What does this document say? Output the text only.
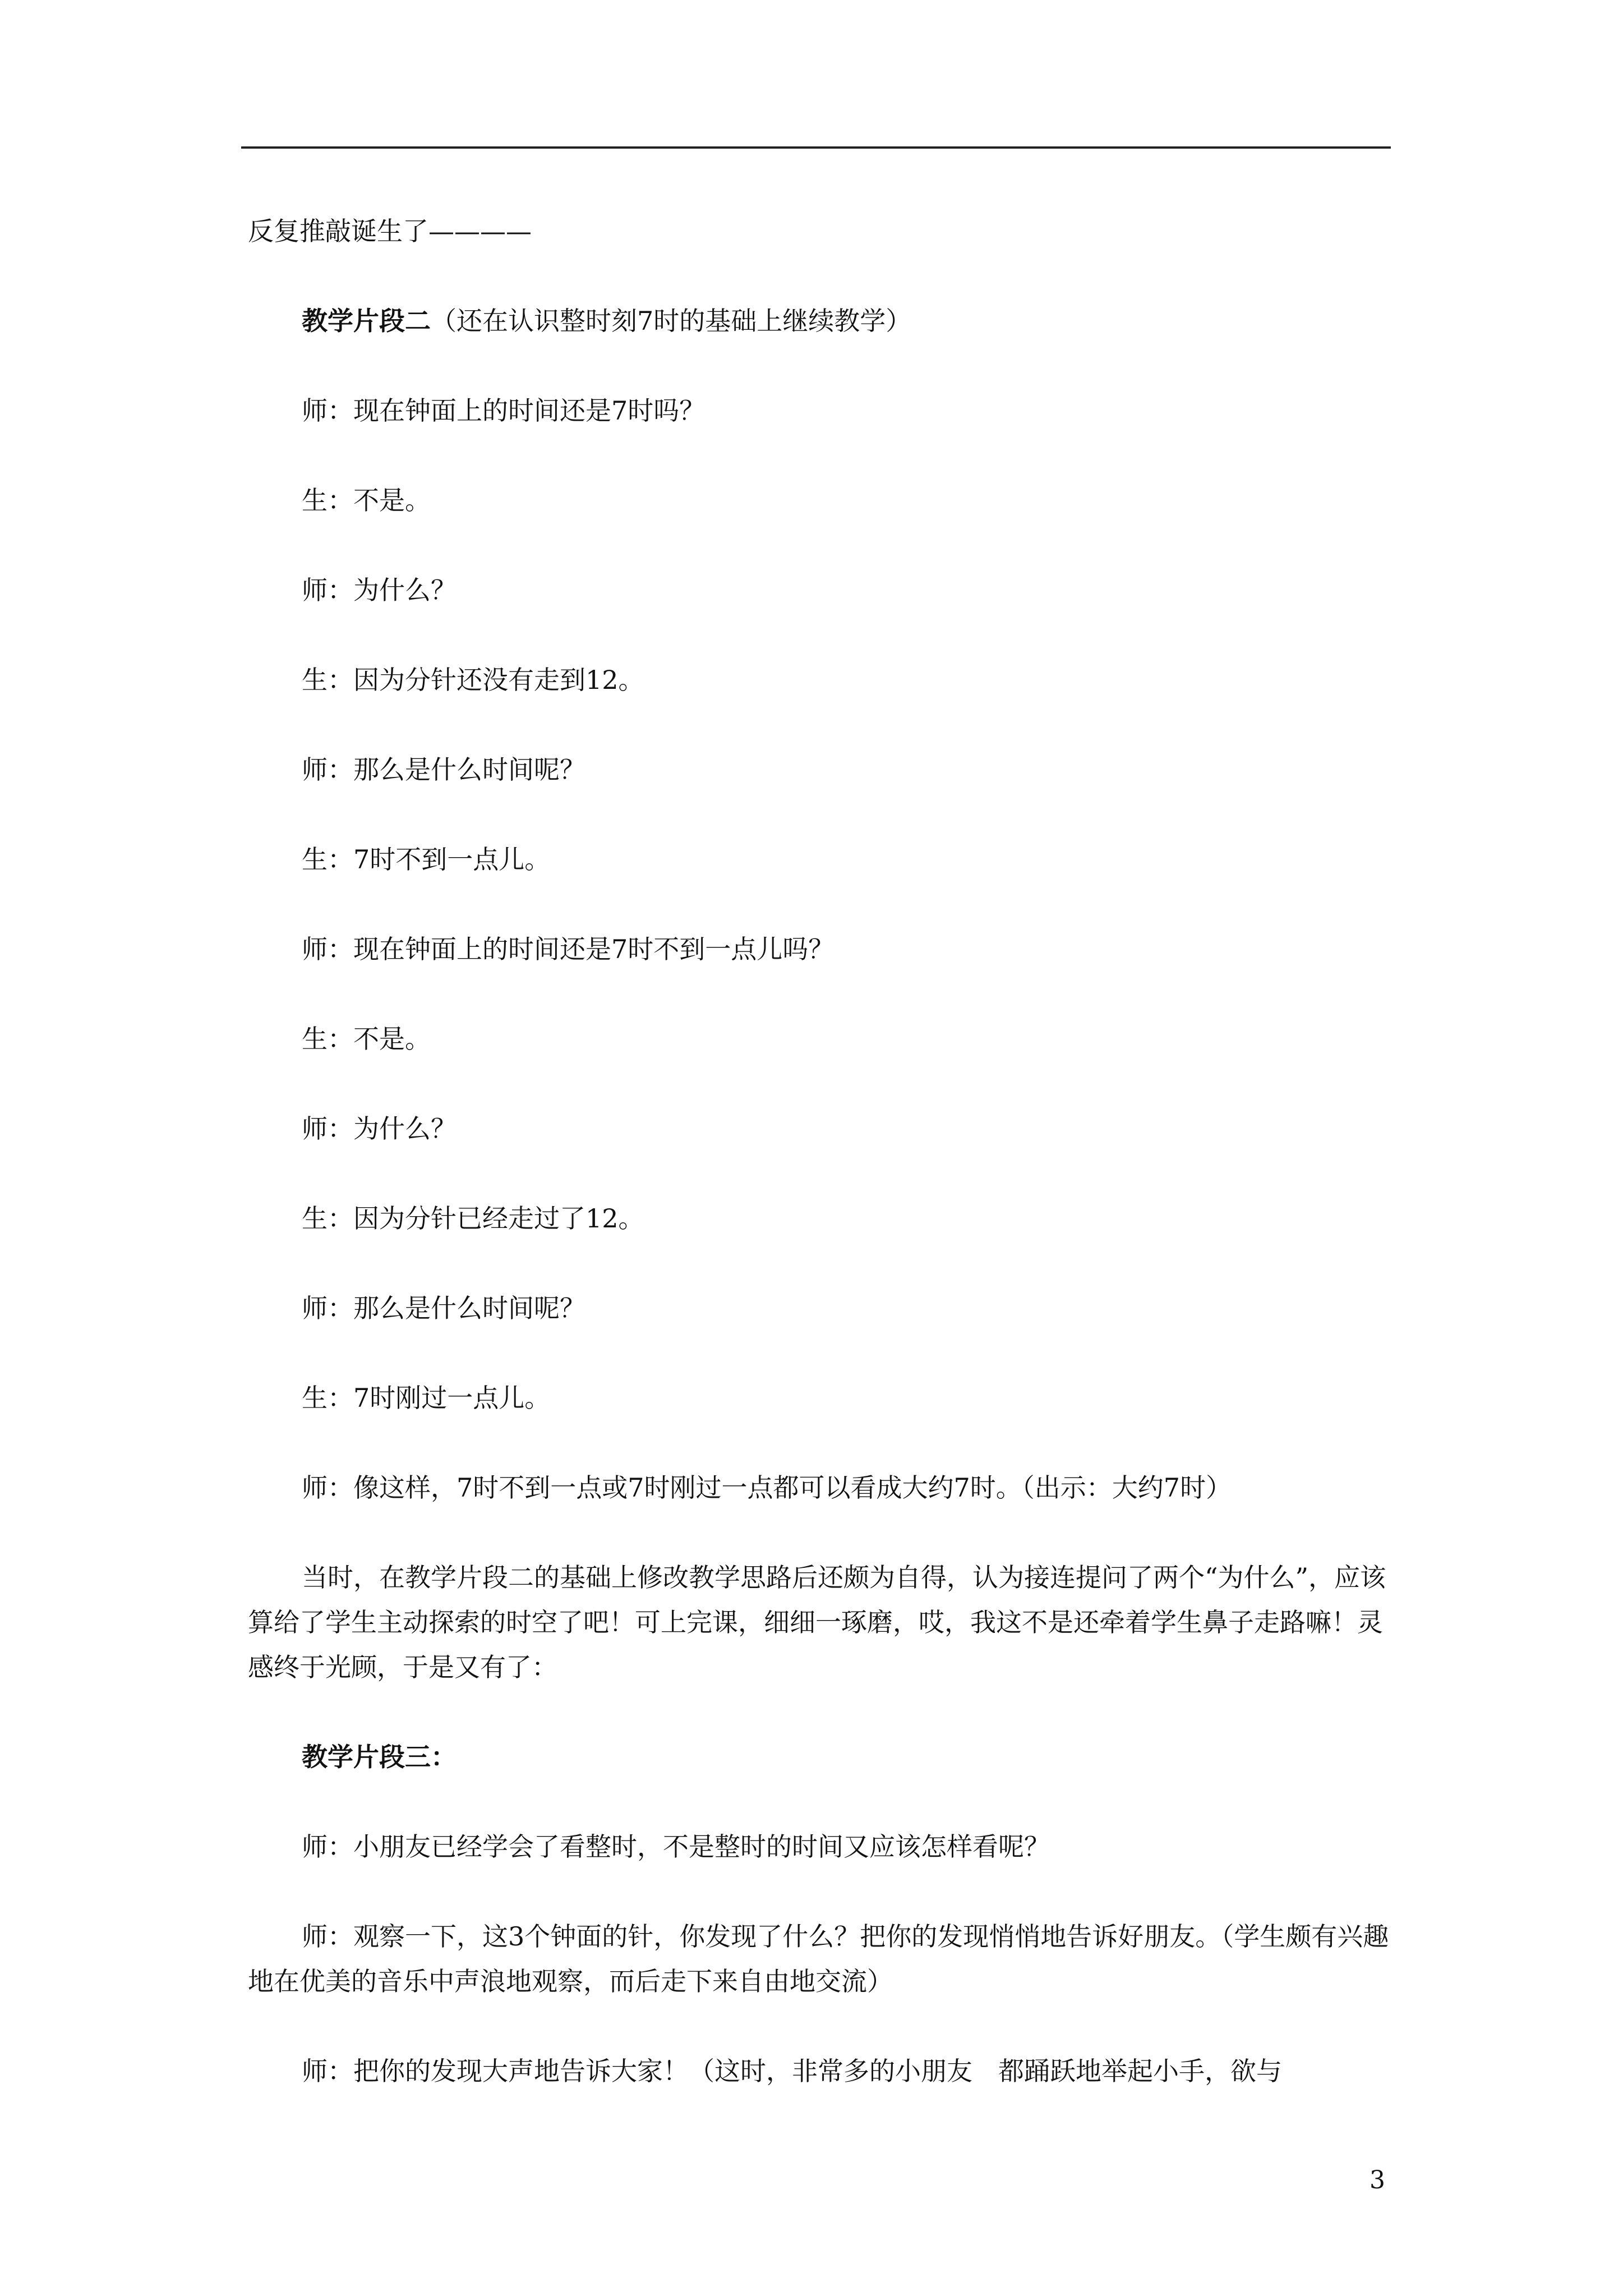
反复推敲诞生了————

教学片段二（还在认识整时刻7时的基础上继续教学）

师：现在钟面上的时间还是7时吗？

生：不是。

师：为什么？

生：因为分针还没有走到12。

师：那么是什么时间呢？

生：7时不到一点儿。

师：现在钟面上的时间还是7时不到一点儿吗？

生：不是。

师：为什么？

生：因为分针已经走过了12。

师：那么是什么时间呢？

生：7时刚过一点儿。

师：像这样，7时不到一点或7时刚过一点都可以看成大约7时。（出示：大约7时）

当时，在教学片段二的基础上修改教学思路后还颇为自得，认为接连提问了两个“为什么”，应该算给了学生主动探索的时空了吧！可上完课，细细一琢磨，哎，我这不是还牵着学生鼻子走路嘛！灵感终于光顾，于是又有了：

教学片段三：

师：小朋友已经学会了看整时，不是整时的时间又应该怎样看呢？

师：观察一下，这3个钟面的针，你发现了什么？把你的发现悄悄地告诉好朋友。（学生颇有兴趣地在优美的音乐中声浪地观察，而后走下来自由地交流）

师：把你的发现大声地告诉大家！（这时，非常多的小朋友　都踊跃地举起小手，欲与

3
